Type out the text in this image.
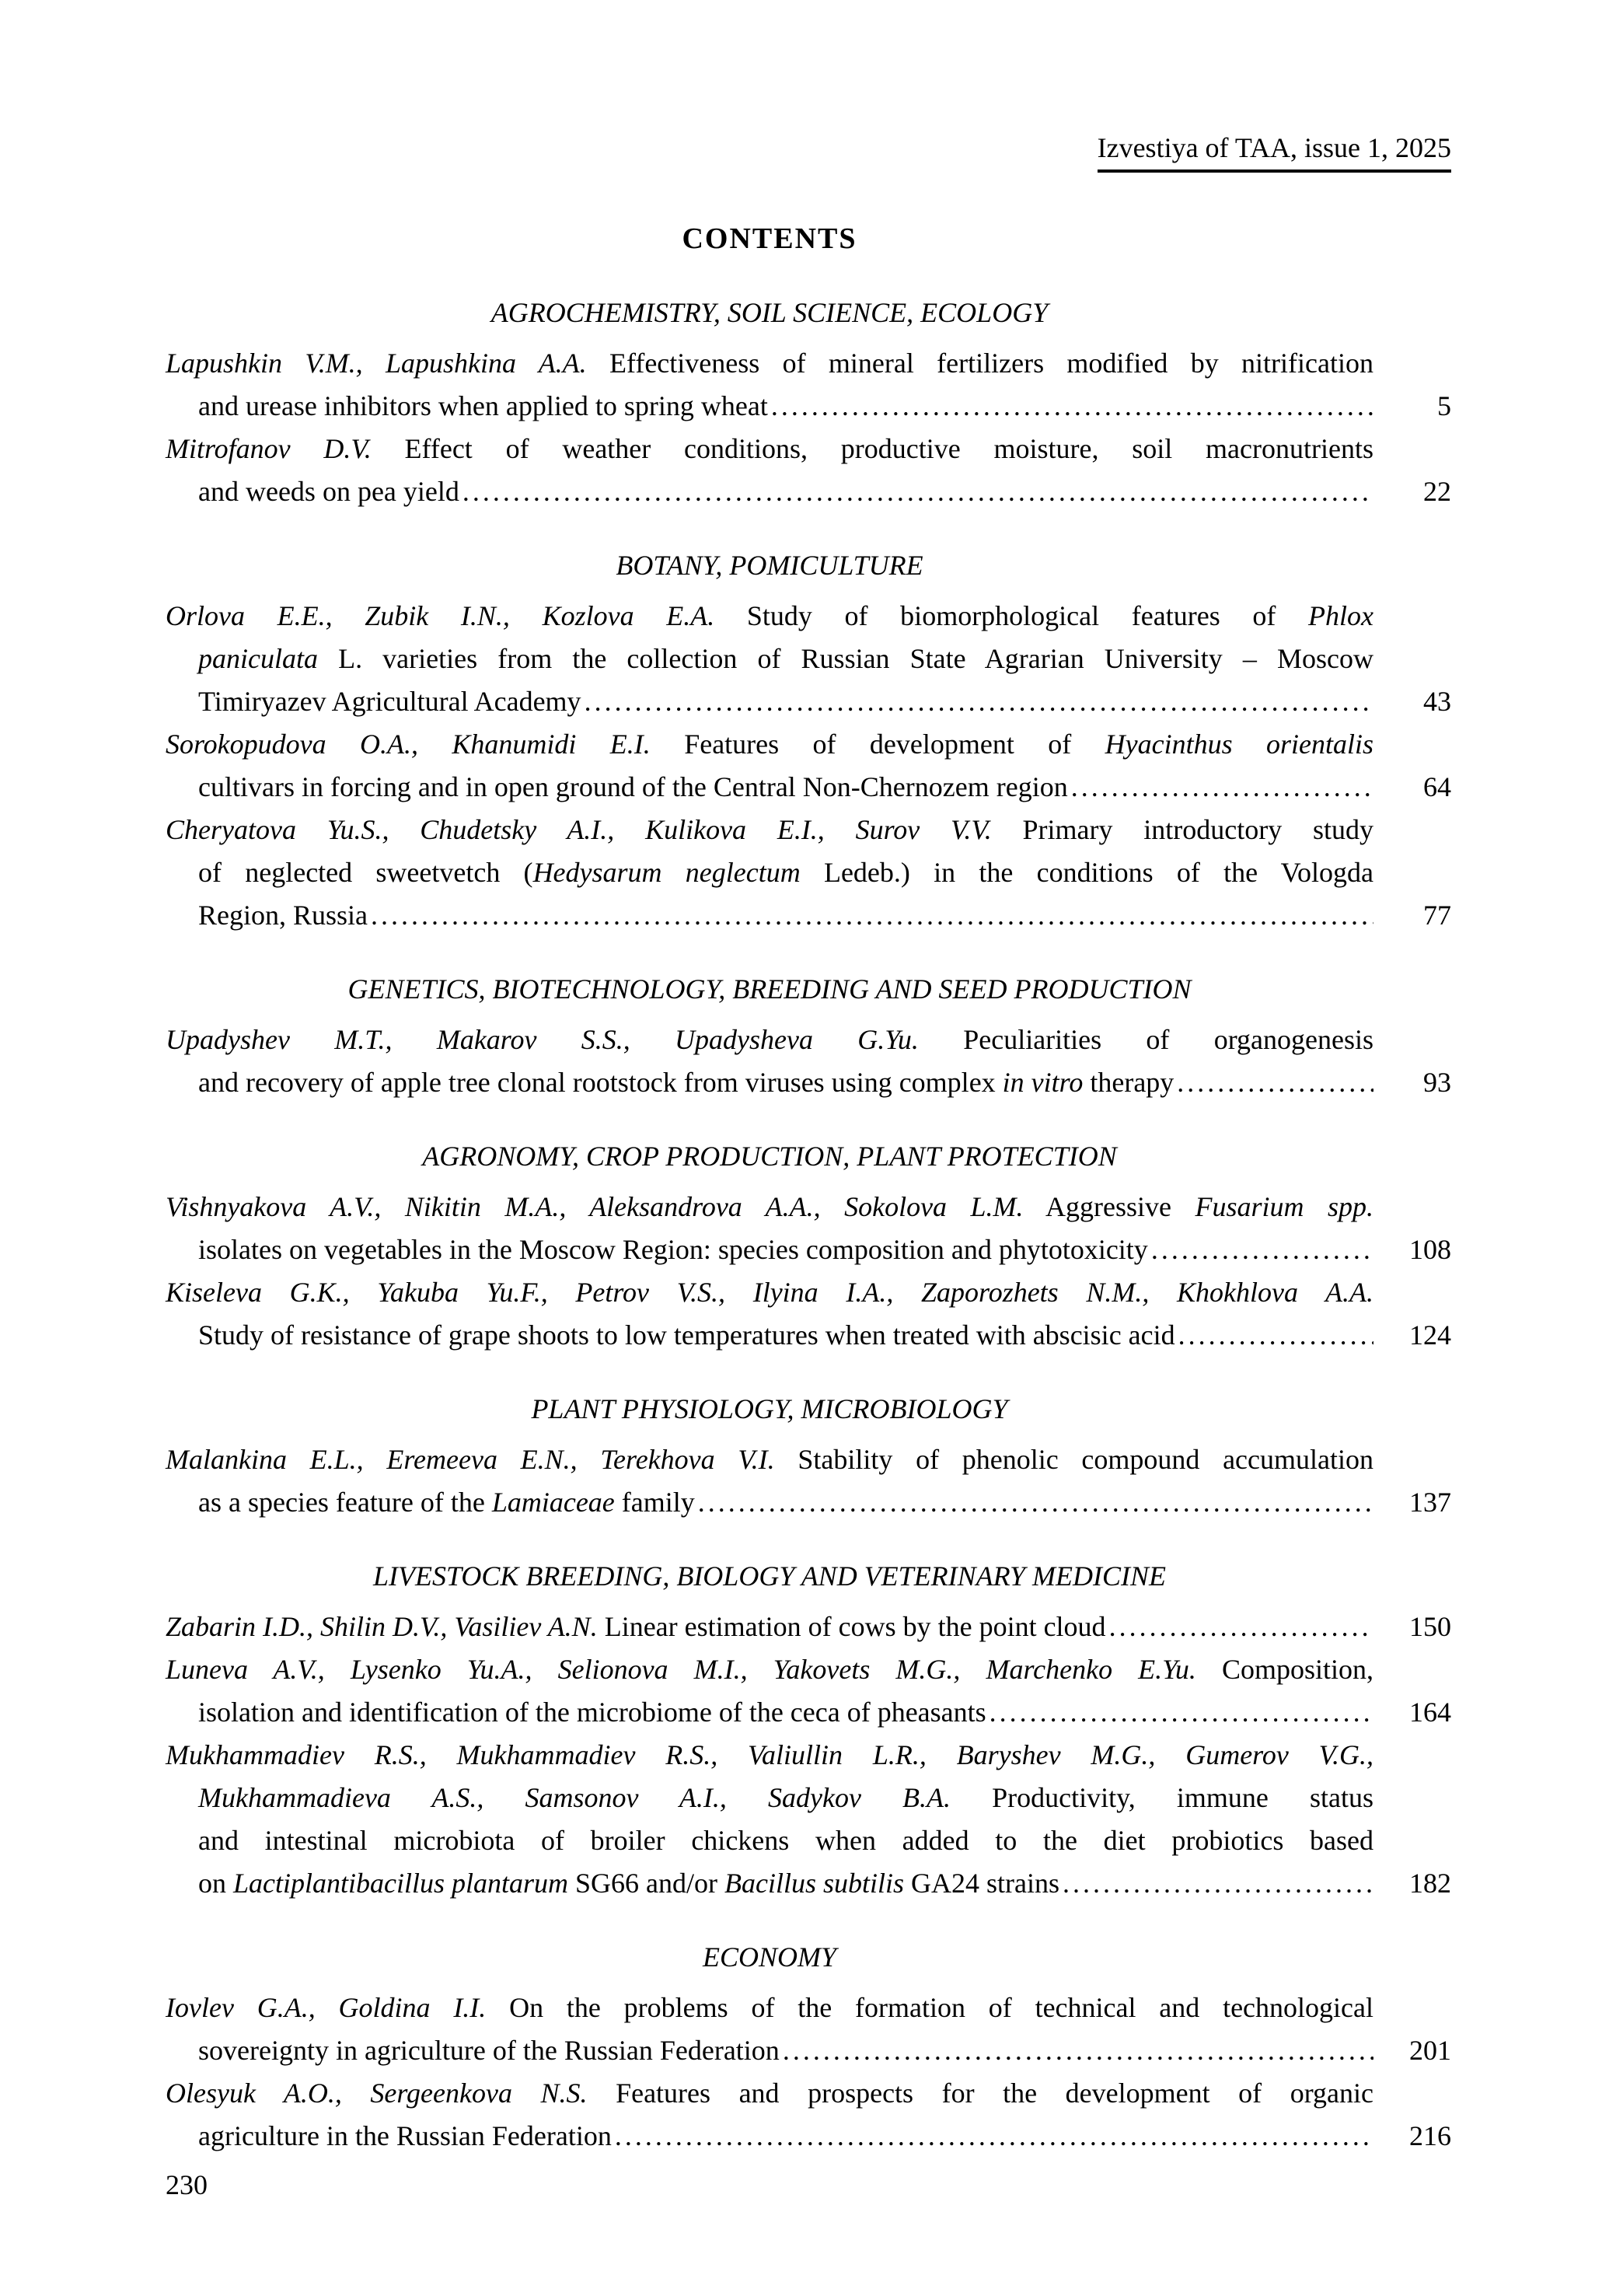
Izvestiya of TAA, issue 1, 2025
CONTENTS
AGROCHEMISTRY, SOIL SCIENCE, ECOLOGY
Lapushkin V.M., Lapushkina A.A. Effectiveness of mineral fertilizers modified by nitrification
and urease inhibitors when applied to spring wheat .....	5
Mitrofanov D.V. Effect of weather conditions, productive moisture, soil macronutrients
and weeds on pea yield .....	22
BOTANY, POMICULTURE
Orlova E.E., Zubik I.N., Kozlova E.A. Study of biomorphological features of Phlox
paniculata L. varieties from the collection of Russian State Agrarian University – Moscow
Timiryazev Agricultural Academy .....	43
Sorokopudova O.A., Khanumidi E.I. Features of development of Hyacinthus orientalis
cultivars in forcing and in open ground of the Central Non-Chernozem region .....	64
Cheryatova Yu.S., Chudetsky A.I., Kulikova E.I., Surov V.V. Primary introductory study
of neglected sweetvetch (Hedysarum neglectum Ledeb.) in the conditions of the Vologda
Region, Russia .....	77
GENETICS, BIOTECHNOLOGY, BREEDING AND SEED PRODUCTION
Upadyshev M.T., Makarov S.S., Upadysheva G.Yu. Peculiarities of organogenesis
and recovery of apple tree clonal rootstock from viruses using complex in vitro therapy .....	93
AGRONOMY, CROP PRODUCTION, PLANT PROTECTION
Vishnyakova A.V., Nikitin M.A., Aleksandrova A.A., Sokolova L.M. Aggressive Fusarium spp.
isolates on vegetables in the Moscow Region: species composition and phytotoxicity .....	108
Kiseleva G.K., Yakuba Yu.F., Petrov V.S., Ilyina I.A., Zaporozhets N.M., Khokhlova A.A.
Study of resistance of grape shoots to low temperatures when treated with abscisic acid .....	124
PLANT PHYSIOLOGY, MICROBIOLOGY
Malankina E.L., Eremeeva E.N., Terekhova V.I. Stability of phenolic compound accumulation
as a species feature of the Lamiaceae family .....	137
LIVESTOCK BREEDING, BIOLOGY AND VETERINARY MEDICINE
Zabarin I.D., Shilin D.V., Vasiliev A.N. Linear estimation of cows by the point cloud .....	150
Luneva A.V., Lysenko Yu.A., Selionova M.I., Yakovets M.G., Marchenko E.Yu. Composition,
isolation and identification of the microbiome of the ceca of pheasants .....	164
Mukhammadiev R.S., Mukhammadiev R.S., Valiullin L.R., Baryshev M.G., Gumerov V.G.,
Mukhammadieva A.S., Samsonov A.I., Sadykov B.A. Productivity, immune status
and intestinal microbiota of broiler chickens when added to the diet probiotics based
on Lactiplantibacillus plantarum SG66 and/or Bacillus subtilis GA24 strains .....	182
ECONOMY
Iovlev G.A., Goldina I.I. On the problems of the formation of technical and technological
sovereignty in agriculture of the Russian Federation .....	201
Olesyuk A.O., Sergeenkova N.S. Features and prospects for the development of organic
agriculture in the Russian Federation .....	216
230
